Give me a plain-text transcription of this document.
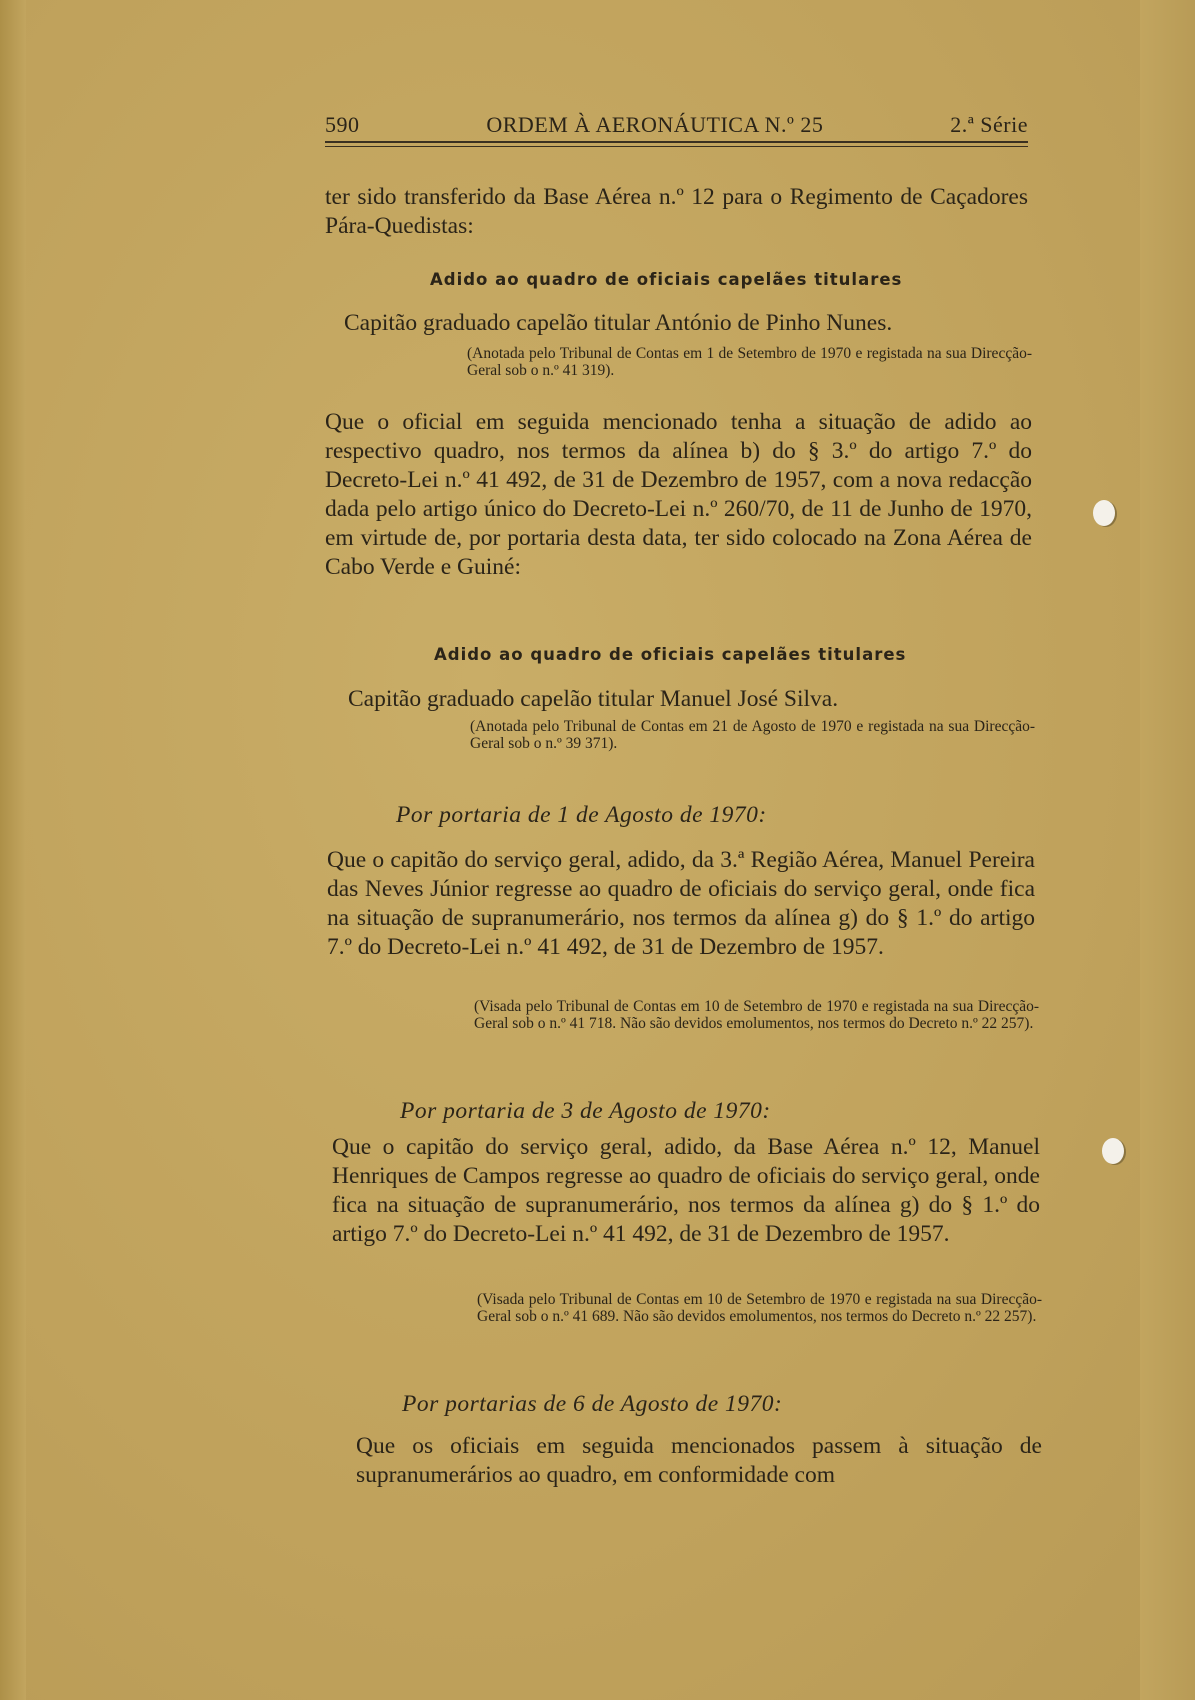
590	ORDEM À AERONÁUTICA N.º 25	2.ª Série
ter sido transferido da Base Aérea n.º 12 para o Regimento de Caçadores Pára-Quedistas:
Adido ao quadro de oficiais capelães titulares
Capitão graduado capelão titular António de Pinho Nunes.
(Anotada pelo Tribunal de Contas em 1 de Setembro de 1970 e registada na sua Direcção-Geral sob o n.º 41 319).
Que o oficial em seguida mencionado tenha a situação de adido ao respectivo quadro, nos termos da alínea b) do § 3.º do artigo 7.º do Decreto-Lei n.º 41 492, de 31 de Dezembro de 1957, com a nova redacção dada pelo artigo único do Decreto-Lei n.º 260/70, de 11 de Junho de 1970, em virtude de, por portaria desta data, ter sido colocado na Zona Aérea de Cabo Verde e Guiné:
Adido ao quadro de oficiais capelães titulares
Capitão graduado capelão titular Manuel José Silva.
(Anotada pelo Tribunal de Contas em 21 de Agosto de 1970 e registada na sua Direcção-Geral sob o n.º 39 371).
Por portaria de 1 de Agosto de 1970:
Que o capitão do serviço geral, adido, da 3.ª Região Aérea, Manuel Pereira das Neves Júnior regresse ao quadro de oficiais do serviço geral, onde fica na situação de supranumerário, nos termos da alínea g) do § 1.º do artigo 7.º do Decreto-Lei n.º 41 492, de 31 de Dezembro de 1957.
(Visada pelo Tribunal de Contas em 10 de Setembro de 1970 e registada na sua Direcção-Geral sob o n.º 41 718. Não são devidos emolumentos, nos termos do Decreto n.º 22 257).
Por portaria de 3 de Agosto de 1970:
Que o capitão do serviço geral, adido, da Base Aérea n.º 12, Manuel Henriques de Campos regresse ao quadro de oficiais do serviço geral, onde fica na situação de supranumerário, nos termos da alínea g) do § 1.º do artigo 7.º do Decreto-Lei n.º 41 492, de 31 de Dezembro de 1957.
(Visada pelo Tribunal de Contas em 10 de Setembro de 1970 e registada na sua Direcção-Geral sob o n.º 41 689. Não são devidos emolumentos, nos termos do Decreto n.º 22 257).
Por portarias de 6 de Agosto de 1970:
Que os oficiais em seguida mencionados passem à situação de supranumerários ao quadro, em conformidade com
